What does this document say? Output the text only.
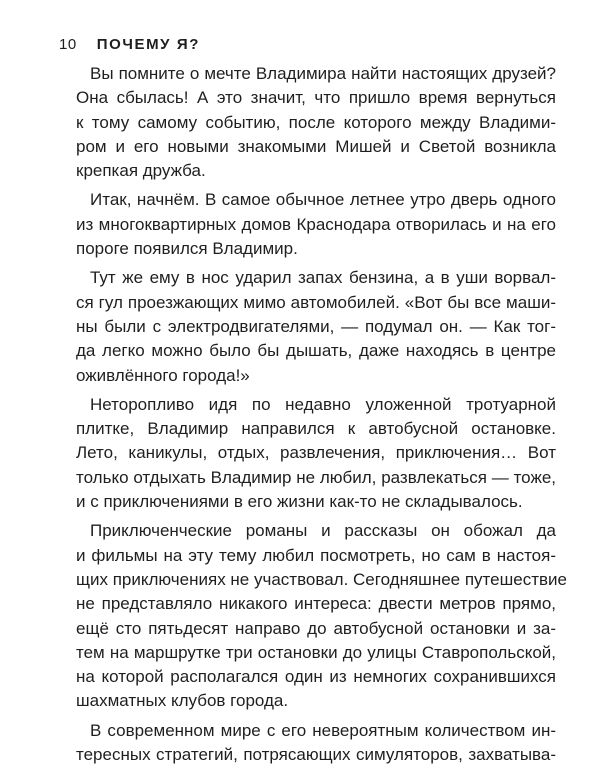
10 ПОЧЕМУ Я?
Вы помните о мечте Владимира найти настоящих друзей?
Она сбылась! А это значит, что пришло время вернуться
к тому самому событию, после которого между Владими-
ром и его новыми знакомыми Мишей и Светой возникла
крепкая дружба.
Итак, начнём. В самое обычное летнее утро дверь одного
из многоквартирных домов Краснодара отворилась и на его
пороге появился Владимир.
Тут же ему в нос ударил запах бензина, а в уши ворвал-
ся гул проезжающих мимо автомобилей. «Вот бы все маши-
ны были с электродвигателями, — подумал он. — Как тог-
да легко можно было бы дышать, даже находясь в центре
оживлённого города!»
Неторопливо идя по недавно уложенной тротуарной
плитке, Владимир направился к автобусной остановке.
Лето, каникулы, отдых, развлечения, приключения… Вот
только отдыхать Владимир не любил, развлекаться — тоже,
и с приключениями в его жизни как-то не складывалось.
Приключенческие романы и рассказы он обожал да
и фильмы на эту тему любил посмотреть, но сам в настоя-
щих приключениях не участвовал. Сегодняшнее путешествие
не представляло никакого интереса: двести метров прямо,
ещё сто пятьдесят направо до автобусной остановки и за-
тем на маршрутке три остановки до улицы Ставропольской,
на которой располагался один из немногих сохранившихся
шахматных клубов города.
В современном мире с его невероятным количеством ин-
тересных стратегий, потрясающих симуляторов, захватыва-
